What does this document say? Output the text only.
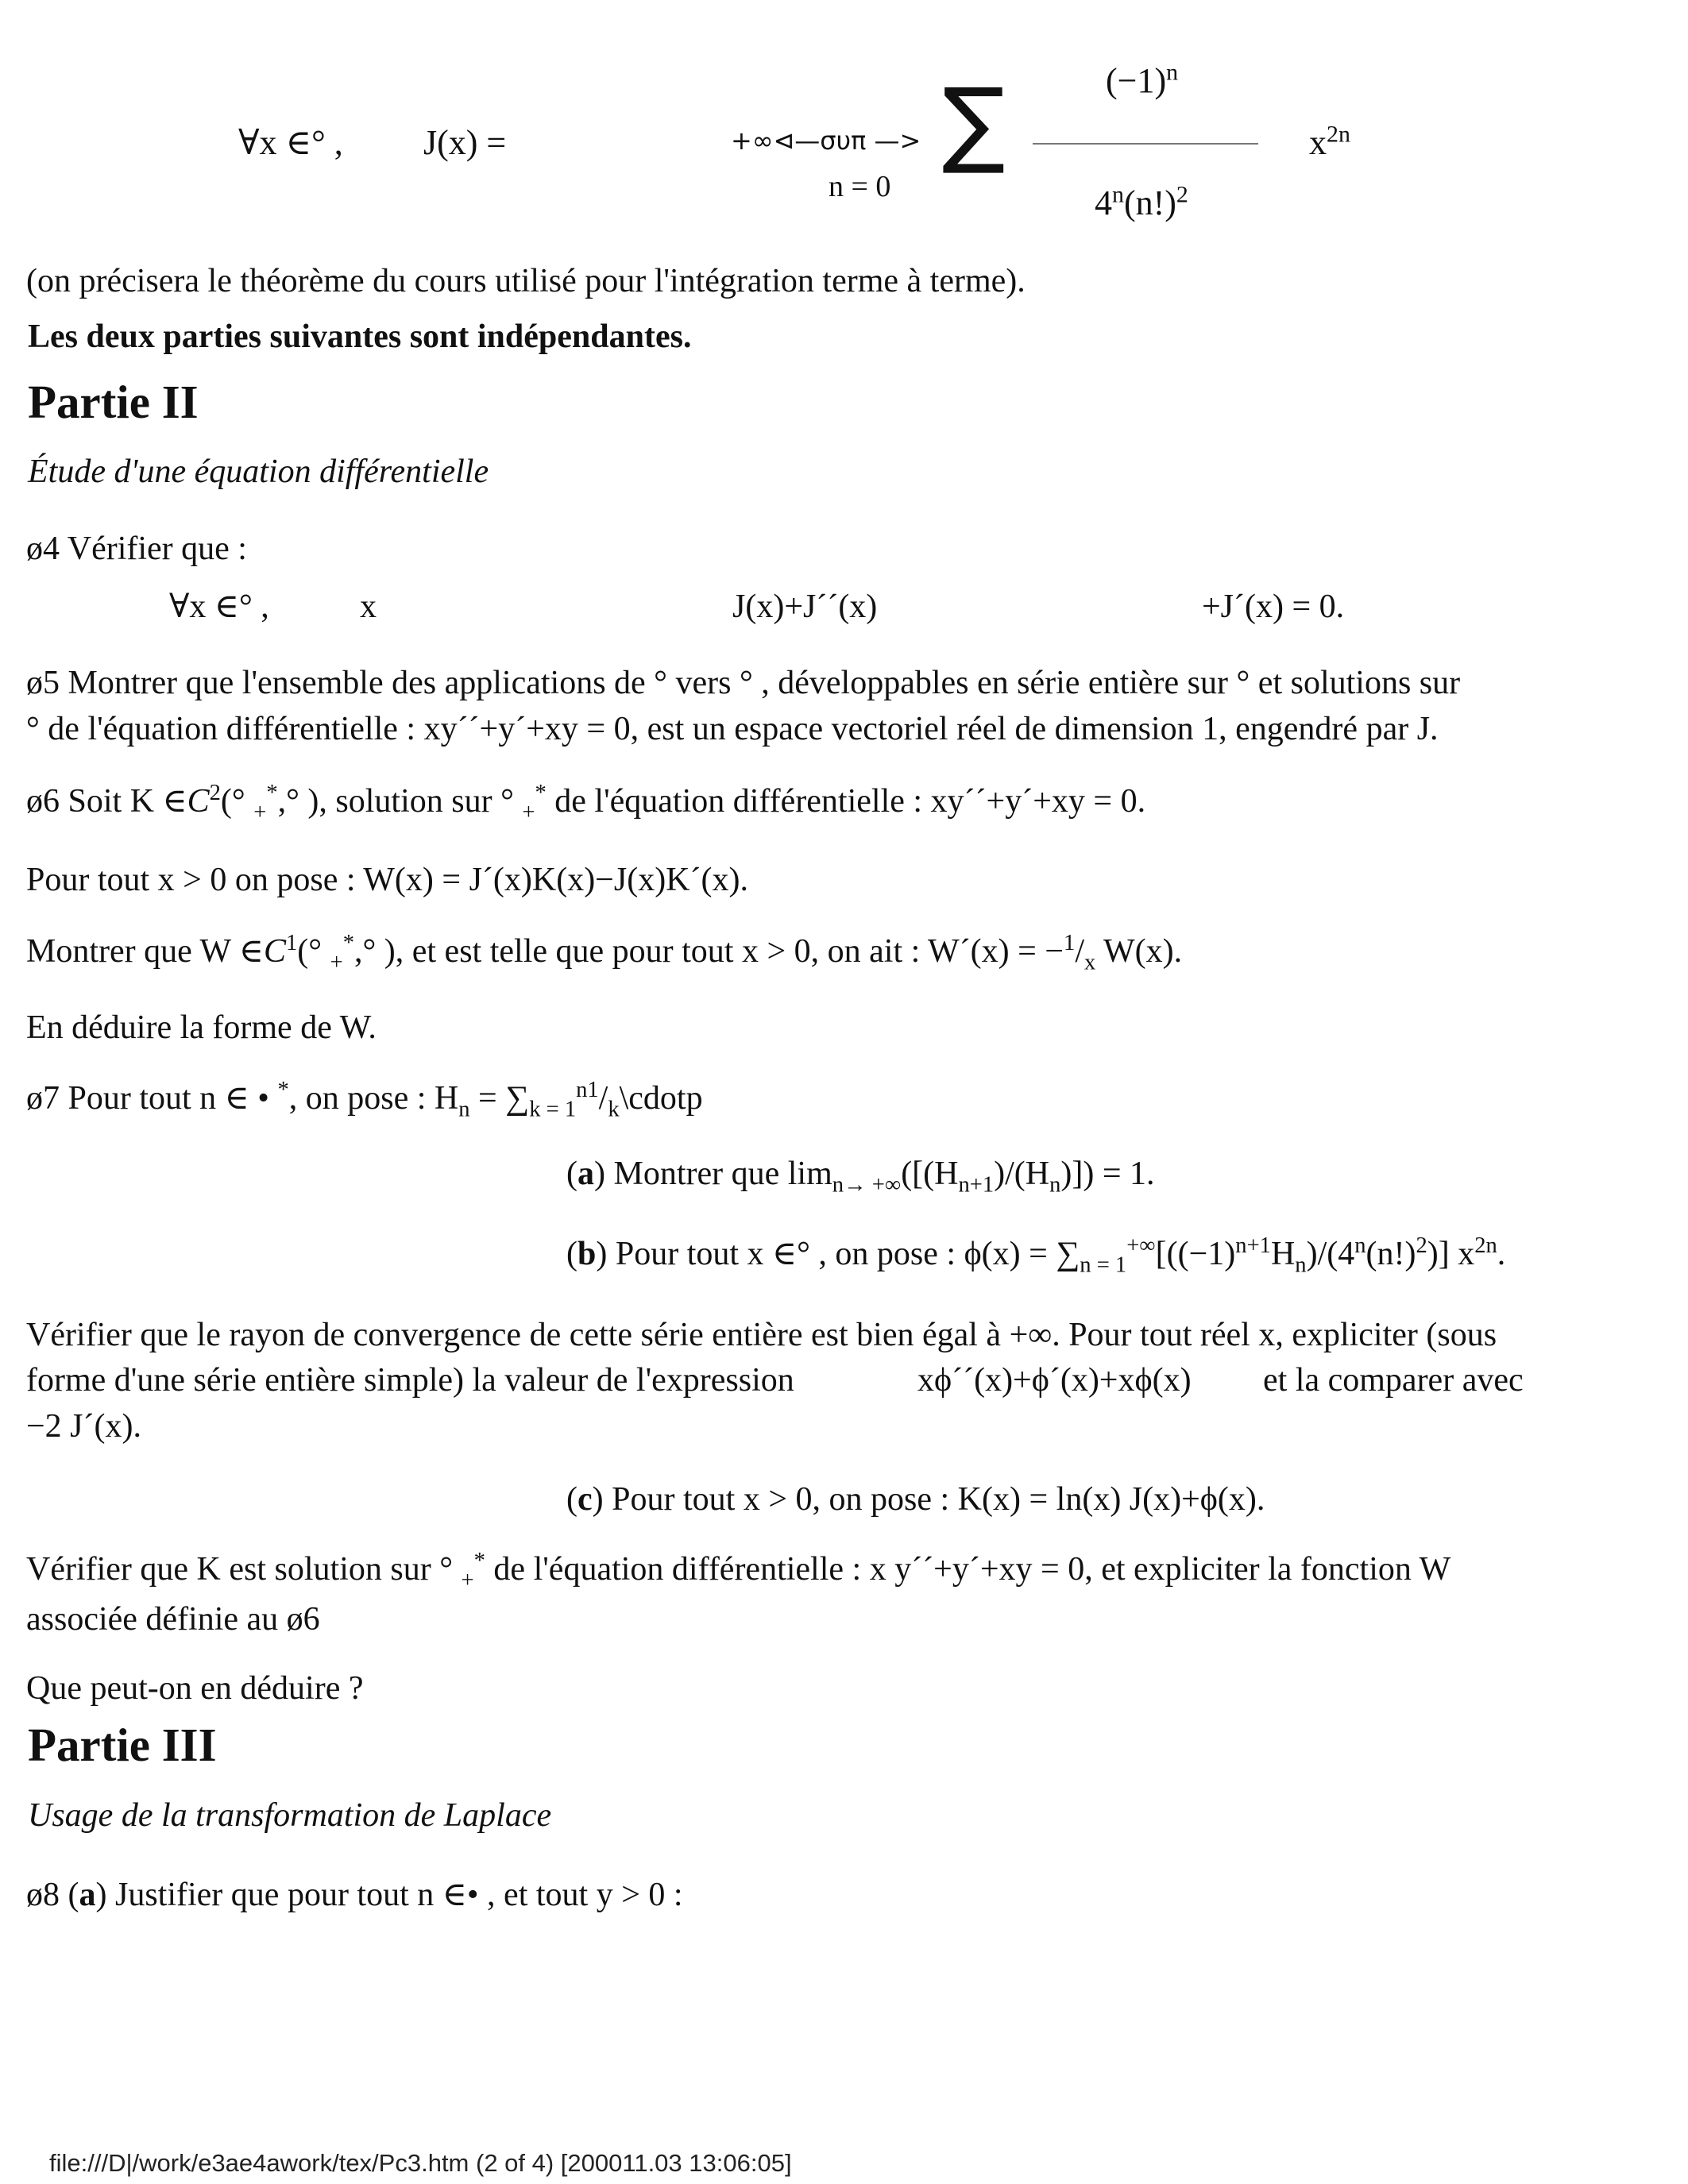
∀x ∈° , J(x) =	+∞⊲—συπ —> ∑
n = 0
$(-1)^n$
$4^n(n!)^2$
$x^{2n}$
(on précisera le théorème du cours utilisé pour l'intégration terme à terme).
Les deux parties suivantes sont indépendantes.
Partie II
Étude d'une équation différentielle
ø4 Vérifier que :
∀x ∈° ,	x	J(x)+J´´(x)	+J´(x) = 0.
ø5 Montrer que l'ensemble des applications de ° vers ° , développables en série entière sur ° et solutions sur
° de l'équation différentielle : xy´´+y´+xy = 0, est un espace vectoriel réel de dimension 1, engendré par J.
ø6 Soit K $\in C^2(^\circ$ $_+$*,° ), solution sur ° $_+$* de l'équation différentielle : xy´´+y´+xy = 0.
Pour tout x > 0 on pose : W(x) = J´(x)K(x)−J(x)K´(x).
Montrer que W $\in C^1(^\circ$ $_+$*,° ), et est telle que pour tout x > 0, on ait : W´(x) = $-^1/_x$ W(x).
En déduire la forme de W.
ø7 Pour tout n ∈ • *, on pose : $H_n$ = $\sum_{k = 1}^{n1}/_k\backslash cdotp$
(a) Montrer que $\lim_{n\to +\infty}([(H_{n+1})/(H_n)]) = 1$.
(b) Pour tout x ∈° , on pose : $\phi(x) = \sum_{n = 1}^{+\infty}[((-1)^{n+1}H_n)/(4^n(n!)^2)]$ $x^{2n}$.
Vérifier que le rayon de convergence de cette série entière est bien égal à +∞. Pour tout réel x, expliciter (sous
forme d'une série entière simple) la valeur de l'expression	xϕ´´(x)+ϕ´(x)+xϕ(x) et la comparer avec
−2 J´(x).
(c) Pour tout x > 0, on pose : K(x) = ln(x) J(x)+ϕ(x).
Vérifier que K est solution sur ° $_+$* de l'équation différentielle : x y´´+y´+xy = 0, et expliciter la fonction W
associée définie au ø6
Que peut-on en déduire ?
Partie III
Usage de la transformation de Laplace
ø8 (a) Justifier que pour tout n ∈• , et tout y > 0 :
file:///D|/work/e3ae4awork/tex/Pc3.htm (2 of 4) [200011.03 13:06:05]
